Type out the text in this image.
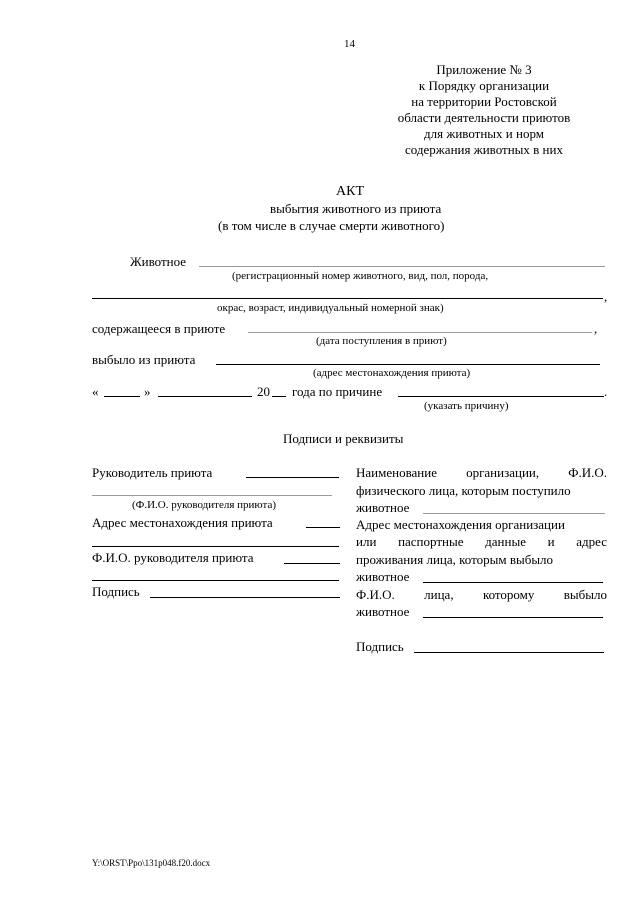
14
Приложение № 3
к Порядку организации
на территории Ростовской
области деятельности приютов
для животных и норм
содержания животных в них
АКТ
выбытия животного из приюта
(в том числе в случае смерти животного)
Животное
(регистрационный номер животного, вид, пол, порода,
,
окрас, возраст, индивидуальный номерной знак)
содержащееся в приюте	,
(дата поступления в приют)
выбыло из приюта
(адрес местонахождения приюта)
«	»	20 года по причине	.
(указать причину)
Подписи и реквизиты
Руководитель приюта
(Ф.И.О. руководителя приюта)
Адрес местонахождения приюта
Ф.И.О. руководителя приюта
Подпись
Наименование организации, Ф.И.О.
физического лица, которым поступило
животное
Адрес местонахождения организации
или паспортные данные и адрес
проживания лица, которым выбыло
животное
Ф.И.О. лица, которому выбыло
животное
Подпись
Y:\ORST\Ppo\131p048.f20.docx
